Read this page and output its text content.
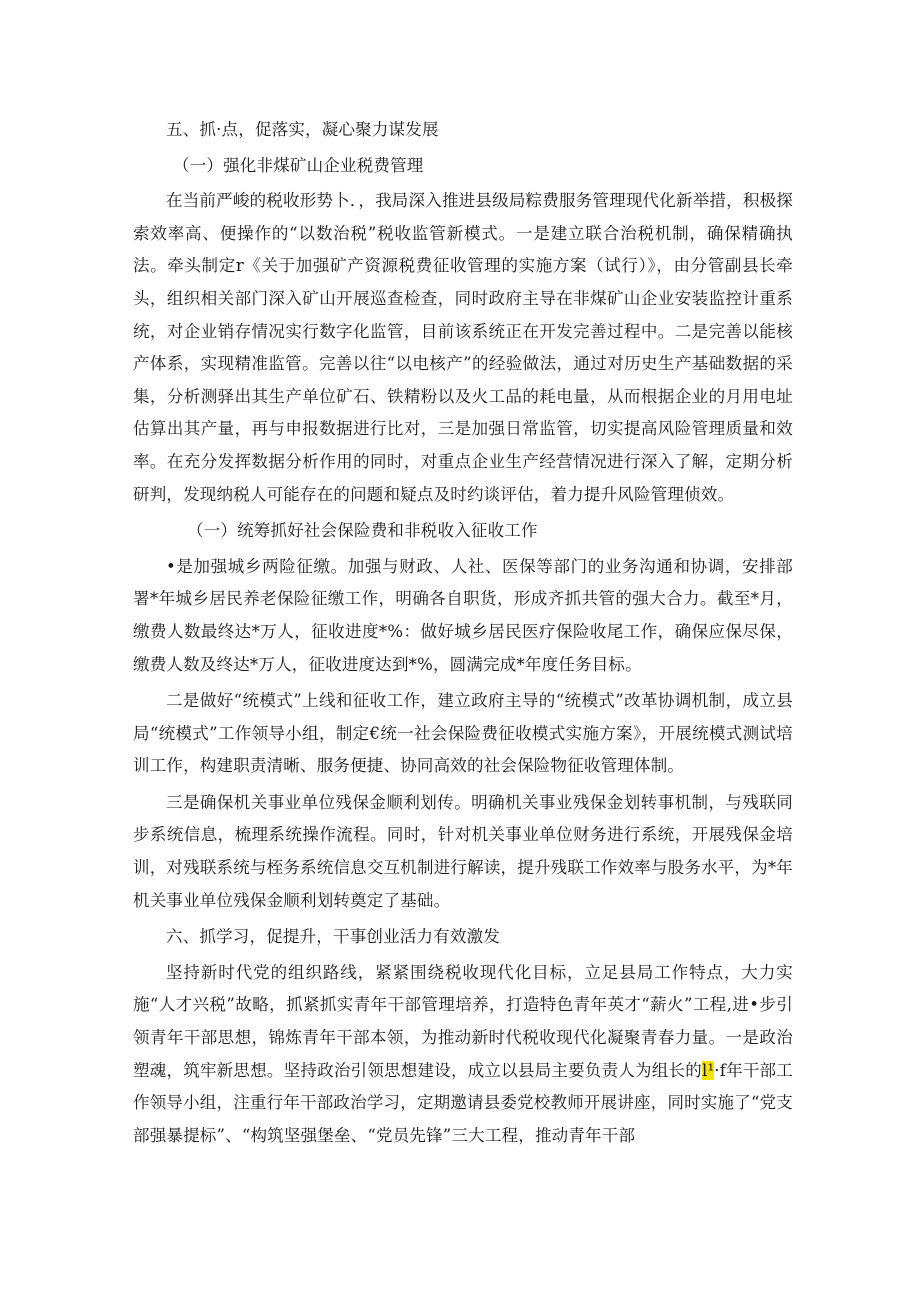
五、抓·点，促落实，凝心聚力谋发展
（一）强化非煤矿山企业税费管理

在当前严峻的税收形势卜．，我局深入推进县级局粽费服务管理现代化新举措，积极探索效率高、便操作的“以数治税”税收监管新模式。一是建立联合治税机制，确保精确执法。牵头制定r《关于加强矿产资源税费征收管理的实施方案（试行）》，由分管副县长牵头，组织相关部门深入矿山开展巡查检查，同时政府主导在非煤矿山企业安装监控计重系统，对企业销存情况实行数字化监管，目前该系统正在开发完善过程中。二是完善以能核产体系，实现精准监管。完善以往“以电核产”的经验做法，通过对历史生产基础数据的采集，分析测驿出其生产单位矿石、铁精粉以及火工品的耗电量，从而根据企业的月用电址估算出其产量，再与申报数据进行比对，三是加强日常监管，切实提高风险管理质量和效率。在充分发挥数据分析作用的同时，对重点企业生产经营情况进行深入了解，定期分析研判，发现纳税人可能存在的问题和疑点及时约谈评估，着力提升风险管理侦效。

（一）统筹抓好社会保险费和非税收入征收工作

•是加强城乡两险征缴。加强与财政、人社、医保等部门的业务沟通和协调，安排部署*年城乡居民养老保险征缴工作，明确各自职货，形成齐抓共管的强大合力。截至*月，缴费人数最终达*万人，征收进度*%：做好城乡居民医疗保险收尾工作，确保应保尽保，缴费人数及终达*万人，征收进度达到*%，圆满完成*年度任务目标。

二是做好“统模式”上线和征收工作，建立政府主导的“统模式”改革协调机制，成立县局“统模式”工作领导小组，制定€统一社会保险费征收模式实施方案》，开展统模式测试培训工作，构建职责清晰、服务便捷、协同高效的社会保险物征收管理体制。

三是确保机关事业单位残保金顺利划传。明确机关事业残保金划转事机制，与残联同步系统信息，梳理系统操作流程。同时，针对机关事业单位财务进行系统，开展残保金培训，对残联系统与桎务系统信息交互机制进行解读，提升残联工作效率与股务水平，为*年机关事业单位残保金顺利划转奠定了基础。

六、抓学习，促提升，干事创业活力有效激发

坚持新时代党的组织路线，紧紧围绕税收现代化目标，立足县局工作特点，大力实施“人才兴税”故略，抓紧抓实青年干部管理培养，打造特色青年英才“薪火”工程,进•步引领青年干部思想，锦炼青年干部本领，为推动新时代税收现代化凝聚青春力量。一是政治塑魂，筑牢新思想。坚持政治引领思想建设，成立以县局主要负责人为组长的l¹·f年干部工作领导小组，注重行年干部政治学习，定期邀请县委党校教师开展讲座，同时实施了“党支部强暴提标”、“构筑坚强堡垒、“党员先锋”三大工程，推动青年干部
